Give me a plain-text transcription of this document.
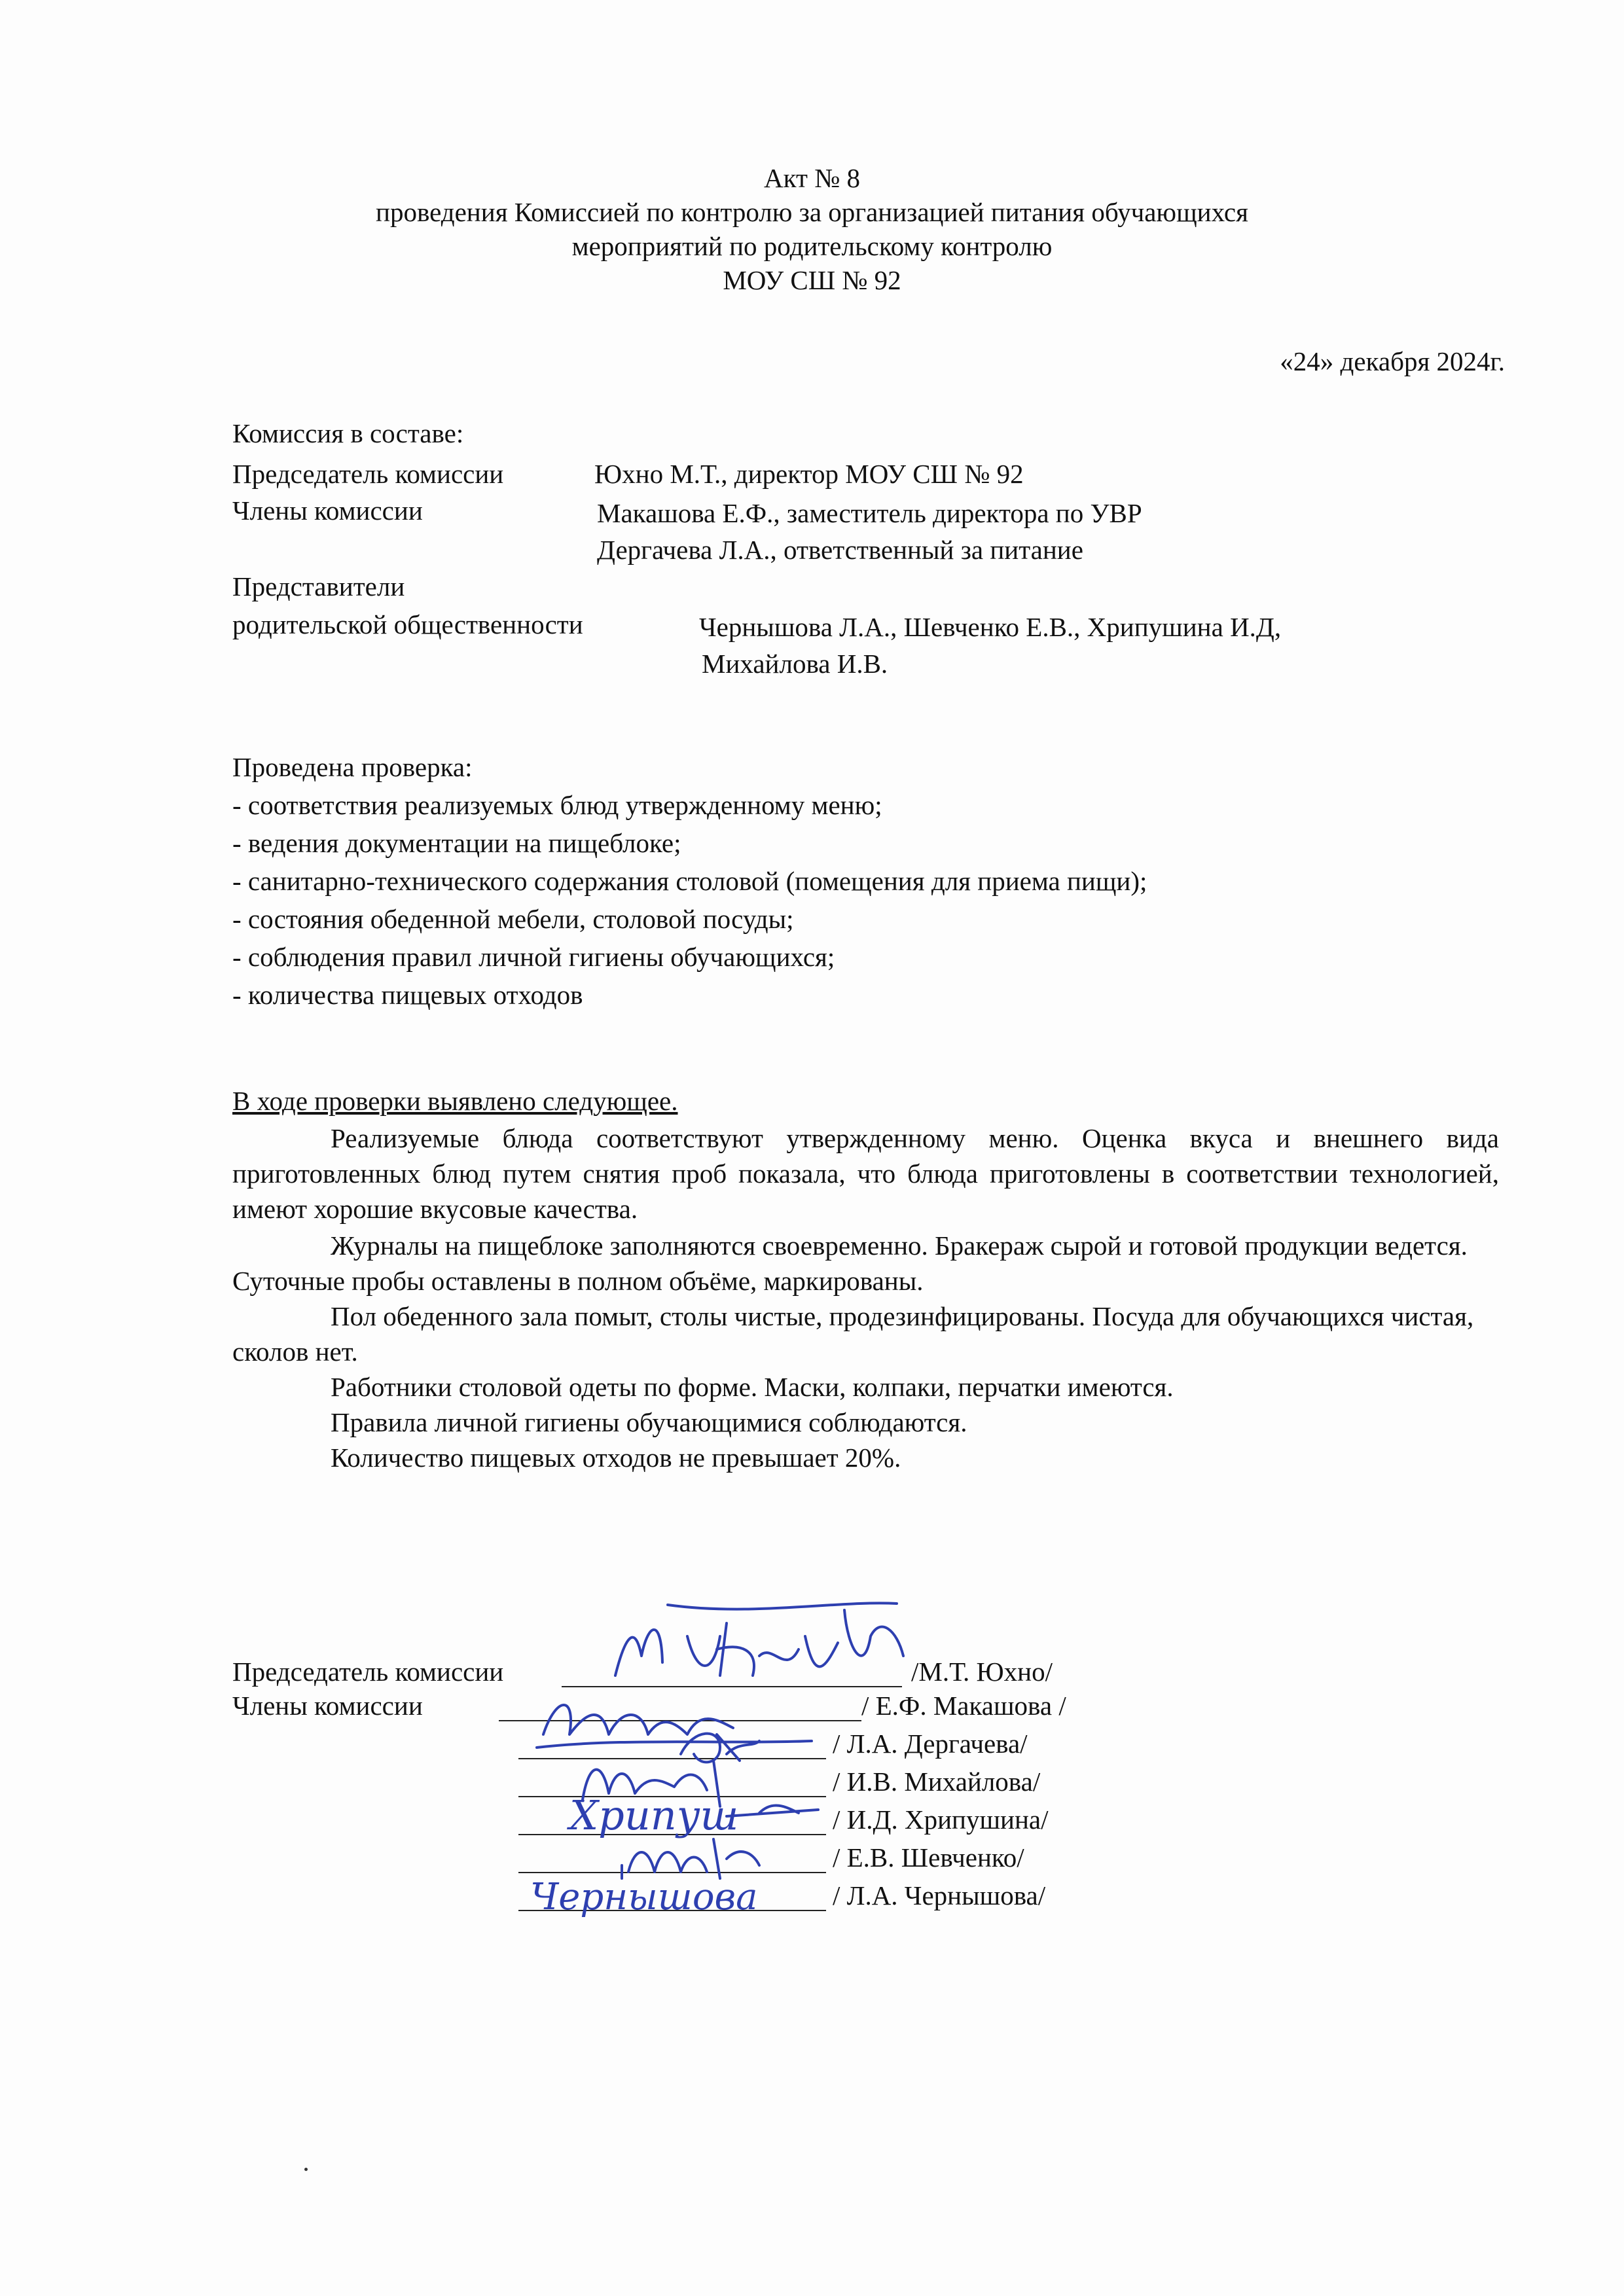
Акт № 8
проведения Комиссией по контролю за организацией питания обучающихся
мероприятий по родительскому контролю
МОУ СШ № 92
«24» декабря 2024г.
Комиссия в составе:
Председатель комиссии	Юхно М.Т., директор МОУ СШ № 92
Члены комиссии	Макашова Е.Ф., заместитель директора по УВР
Дергачева Л.А., ответственный за питание
Представители
родительской общественности	Чернышова Л.А., Шевченко Е.В., Хрипушина И.Д,
Михайлова И.В.
Проведена проверка:
- соответствия реализуемых блюд утвержденному меню;
- ведения документации на пищеблоке;
- санитарно-технического содержания столовой (помещения для приема пищи);
- состояния обеденной мебели, столовой посуды;
- соблюдения правил личной гигиены обучающихся;
- количества пищевых отходов
В ходе проверки выявлено следующее.
Реализуемые блюда соответствуют утвержденному меню. Оценка вкуса и внешнего вида приготовленных блюд путем снятия проб показала, что блюда приготовлены в соответствии технологией, имеют хорошие вкусовые качества.
Журналы на пищеблоке заполняются своевременно. Бракераж сырой и готовой продукции ведется. Суточные пробы оставлены в полном объёме, маркированы.
Пол обеденного зала помыт, столы чистые, продезинфицированы. Посуда для обучающихся чистая, сколов нет.
Работники столовой одеты по форме. Маски, колпаки, перчатки имеются.
Правила личной гигиены обучающимися соблюдаются.
Количество пищевых отходов не превышает 20%.
Председатель комиссии	/М.Т. Юхно/
Члены комиссии	/ Е.Ф. Макашова /
/ Л.А. Дергачева/
/ И.В. Михайлова/
/ И.Д. Хрипушина/
/ Е.В. Шевченко/
/ Л.А. Чернышова/
Хрипуш
Чернышова
